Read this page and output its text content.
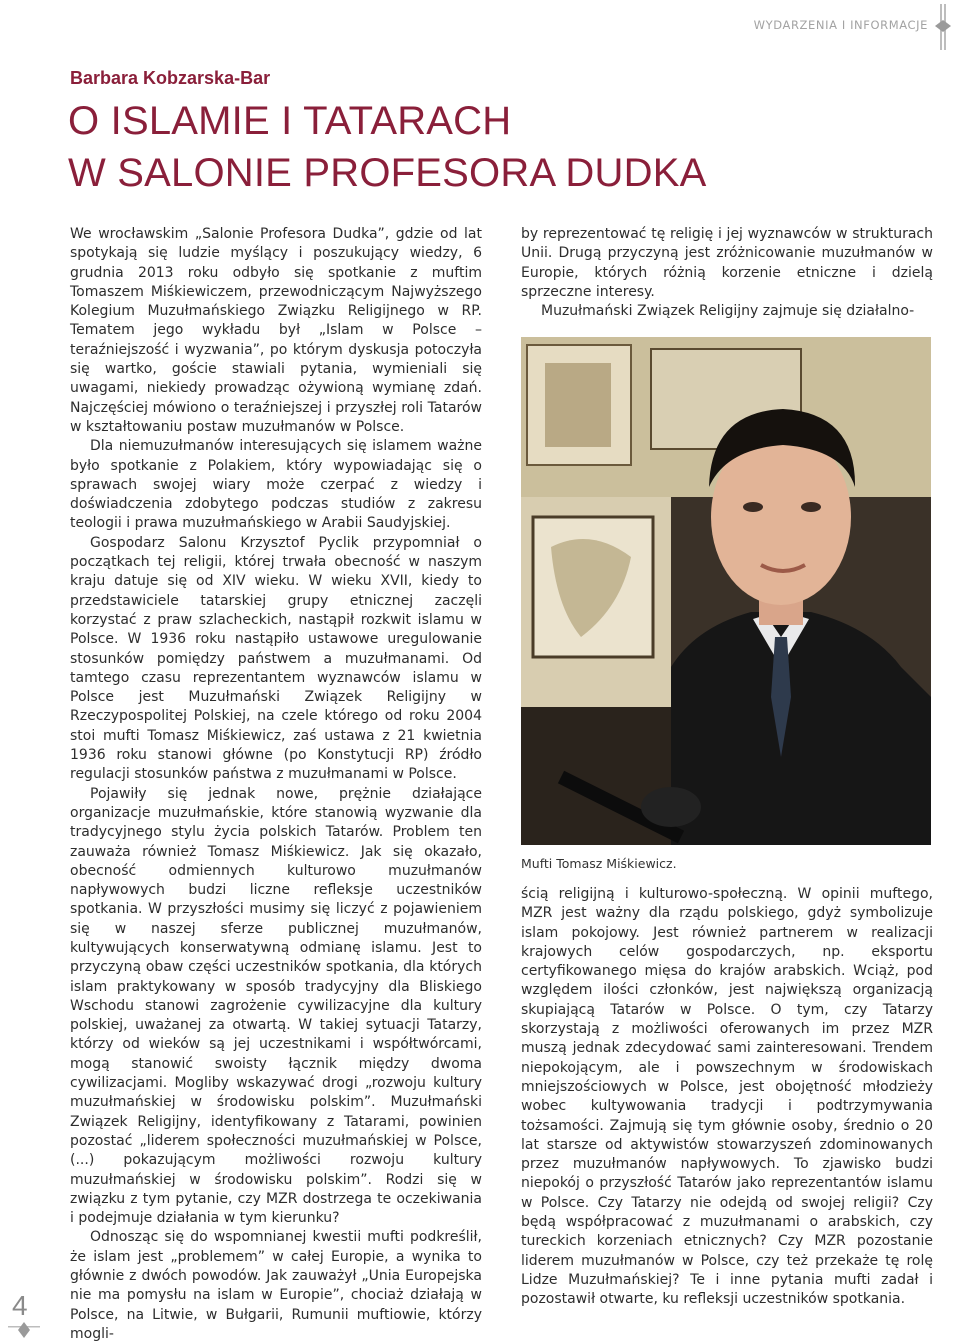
WYDARZENIA I INFORMACJE
Barbara Kobzarska-Bar
O ISLAMIE I TATARACH
W SALONIE PROFESORA DUDKA

We wrocławskim „Salonie Profesora Dudka”, gdzie od lat spotykają się ludzie myślący i poszukujący wiedzy, 6 grudnia 2013 roku odbyło się spotkanie z muftim Tomaszem Miśkiewiczem, przewodniczącym Najwyższego Kolegium Muzułmańskiego Związku Religijnego w RP. Tematem jego wykładu był „Islam w Polsce – teraźniejszość i wyzwania”, po którym dyskusja potoczyła się wartko, goście stawiali pytania, wymieniali się uwagami, niekiedy prowadząc ożywioną wymianę zdań. Najczęściej mówiono o teraźniejszej i przyszłej roli Tatarów w kształtowaniu postaw muzułmanów w Polsce.

Dla niemuzułmanów interesujących się islamem ważne było spotkanie z Polakiem, który wypowiadając się o sprawach swojej wiary może czerpać z wiedzy i doświadczenia zdobytego podczas studiów z zakresu teologii i prawa muzułmańskiego w Arabii Saudyjskiej.

Gospodarz Salonu Krzysztof Pyclik przypomniał o początkach tej religii, której trwała obecność w naszym kraju datuje się od XIV wieku. W wieku XVII, kiedy to przedstawiciele tatarskiej grupy etnicznej zaczęli korzystać z praw szlacheckich, nastąpił rozkwit islamu w Polsce. W 1936 roku nastąpiło ustawowe uregulowanie stosunków pomiędzy państwem a muzułmanami. Od tamtego czasu reprezentantem wyznawców islamu w Polsce jest Muzułmański Związek Religijny w Rzeczypospolitej Polskiej, na czele którego od roku 2004 stoi mufti Tomasz Miśkiewicz, zaś ustawa z 21 kwietnia 1936 roku stanowi główne (po Konstytucji RP) źródło regulacji stosunków państwa z muzułmanami w Polsce.

Pojawiły się jednak nowe, prężnie działające organizacje muzułmańskie, które stanowią wyzwanie dla tradycyjnego stylu życia polskich Tatarów. Problem ten zauważa również Tomasz Miśkiewicz. Jak się okazało, obecność odmiennych kulturowo muzułmanów napływowych budzi liczne refleksje uczestników spotkania. W przyszłości musimy się liczyć z pojawieniem się w naszej sferze publicznej muzułmanów, kultywujących konserwatywną odmianę islamu. Jest to przyczyną obaw części uczestników spotkania, dla których islam praktykowany w sposób tradycyjny dla Bliskiego Wschodu stanowi zagrożenie cywilizacyjne dla kultury polskiej, uważanej za otwartą. W takiej sytuacji Tatarzy, którzy od wieków są jej uczestnikami i współtwórcami, mogą stanowić swoisty łącznik między dwoma cywilizacjami. Mogliby wskazywać drogi „rozwoju kultury muzułmańskiej w środowisku polskim”. Muzułmański Związek Religijny, identyfikowany z Tatarami, powinien pozostać „liderem społeczności muzułmańskiej w Polsce, (...) pokazującym możliwości rozwoju kultury muzułmańskiej w środowisku polskim”. Rodzi się w związku z tym pytanie, czy MZR dostrzega te oczekiwania i podejmuje działania w tym kierunku?

Odnosząc się do wspomnianej kwestii mufti podkreślił, że islam jest „problemem” w całej Europie, a wynika to głównie z dwóch powodów. Jak zauważył „Unia Europejska nie ma pomysłu na islam w Europie”, chociaż działają w Polsce, na Litwie, w Bułgarii, Rumunii muftiowie, którzy mogli-

by reprezentować tę religię i jej wyznawców w strukturach Unii. Drugą przyczyną jest zróżnicowanie muzułmanów w Europie, których różnią korzenie etniczne i dzielą sprzeczne interesy.

Muzułmański Związek Religijny zajmuje się działalno-

Mufti Tomasz Miśkiewicz.

ścią religijną i kulturowo-społeczną. W opinii muftego, MZR jest ważny dla rządu polskiego, gdyż symbolizuje islam pokojowy. Jest również partnerem w realizacji krajowych celów gospodarczych, np. eksportu certyfikowanego mięsa do krajów arabskich. Wciąż, pod względem ilości członków, jest największą organizacją skupiającą Tatarów w Polsce. O tym, czy Tatarzy skorzystają z możliwości oferowanych im przez MZR muszą jednak zdecydować sami zainteresowani. Trendem niepokojącym, ale i powszechnym w środowiskach mniejszościowych w Polsce, jest obojętność młodzieży wobec kultywowania tradycji i podtrzymywania tożsamości. Zajmują się tym głównie osoby, średnio o 20 lat starsze od aktywistów stowarzyszeń zdominowanych przez muzułmanów napływowych. To zjawisko budzi niepokój o przyszłość Tatarów jako reprezentantów islamu w Polsce. Czy Tatarzy nie odejdą od swojej religii? Czy będą współpracować z muzułmanami o arabskich, czy tureckich korzeniach etnicznych? Czy MZR pozostanie liderem muzułmanów w Polsce, czy też przekaże tę rolę Lidze Muzułmańskiej? Te i inne pytania mufti zadał i pozostawił otwarte, ku refleksji uczestników spotkania.

4
